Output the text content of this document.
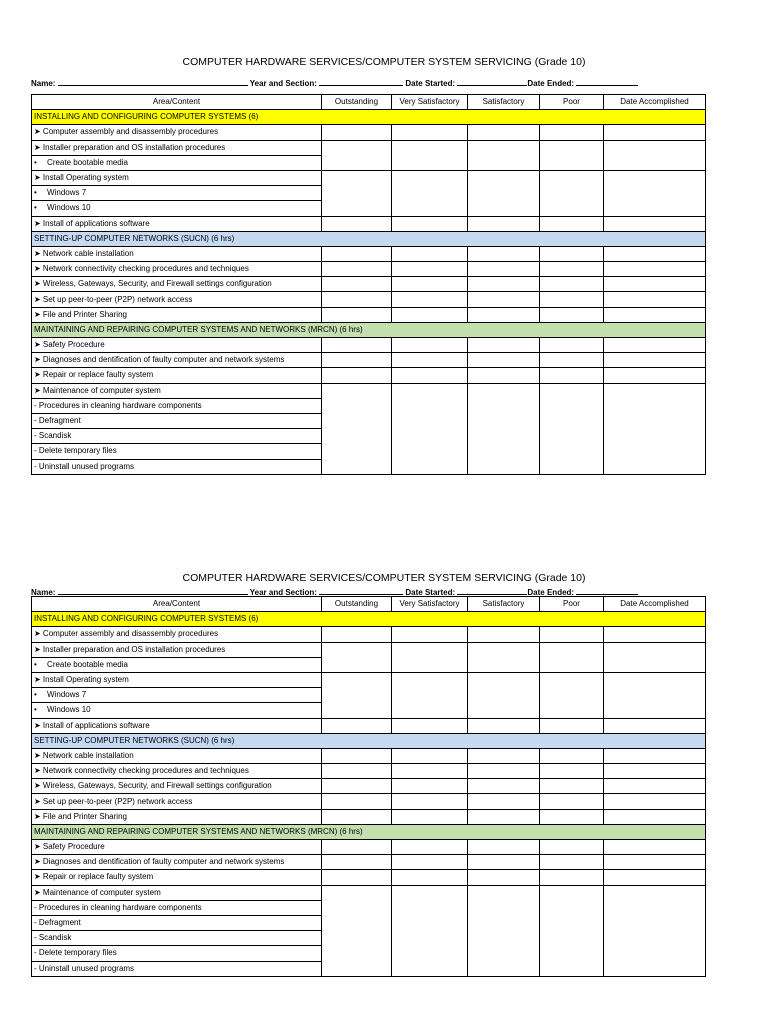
COMPUTER HARDWARE SERVICES/COMPUTER SYSTEM SERVICING (Grade 10)
Name:	Year and Section:	Date Started:	Date Ended:
Area/Content	Outstanding	Very Satisfactory	Satisfactory	Poor	Date Accomplished
INSTALLING AND CONFIGURING COMPUTER SYSTEMS (6)					
➤ Computer assembly and disassembly procedures					
➤ Installer preparation and OS installation procedures					
• Create bootable media					
➤ Install Operating system					
• Windows 7					
• Windows 10					
➤ Install of applications software					
SETTING-UP COMPUTER NETWORKS (SUCN) (6 hrs)					
➤ Network cable installation					
➤ Network connectivity checking procedures and techniques					
➤ Wireless, Gateways, Security, and Firewall settings configuration					
➤ Set up peer-to-peer (P2P) network access					
➤ File and Printer Sharing					
MAINTAINING AND REPAIRING COMPUTER SYSTEMS AND NETWORKS (MRCN) (6 hrs)					
➤ Safety Procedure					
➤ Diagnoses and dentification of faulty computer and network systems					
➤ Repair or replace faulty system					
➤ Maintenance of computer system					
- Procedures in cleaning hardware components					
- Defragment					
- Scandisk					
- Delete temporary files					
- Uninstall unused programs					
COMPUTER HARDWARE SERVICES/COMPUTER SYSTEM SERVICING (Grade 10)
Name:	Year and Section:	Date Started:	Date Ended:
Area/Content	Outstanding	Very Satisfactory	Satisfactory	Poor	Date Accomplished
INSTALLING AND CONFIGURING COMPUTER SYSTEMS (6)					
➤ Computer assembly and disassembly procedures					
➤ Installer preparation and OS installation procedures					
• Create bootable media					
➤ Install Operating system					
• Windows 7					
• Windows 10					
➤ Install of applications software					
SETTING-UP COMPUTER NETWORKS (SUCN) (6 hrs)					
➤ Network cable installation					
➤ Network connectivity checking procedures and techniques					
➤ Wireless, Gateways, Security, and Firewall settings configuration					
➤ Set up peer-to-peer (P2P) network access					
➤ File and Printer Sharing					
MAINTAINING AND REPAIRING COMPUTER SYSTEMS AND NETWORKS (MRCN) (6 hrs)					
➤ Safety Procedure					
➤ Diagnoses and dentification of faulty computer and network systems					
➤ Repair or replace faulty system					
➤ Maintenance of computer system					
- Procedures in cleaning hardware components					
- Defragment					
- Scandisk					
- Delete temporary files					
- Uninstall unused programs					
